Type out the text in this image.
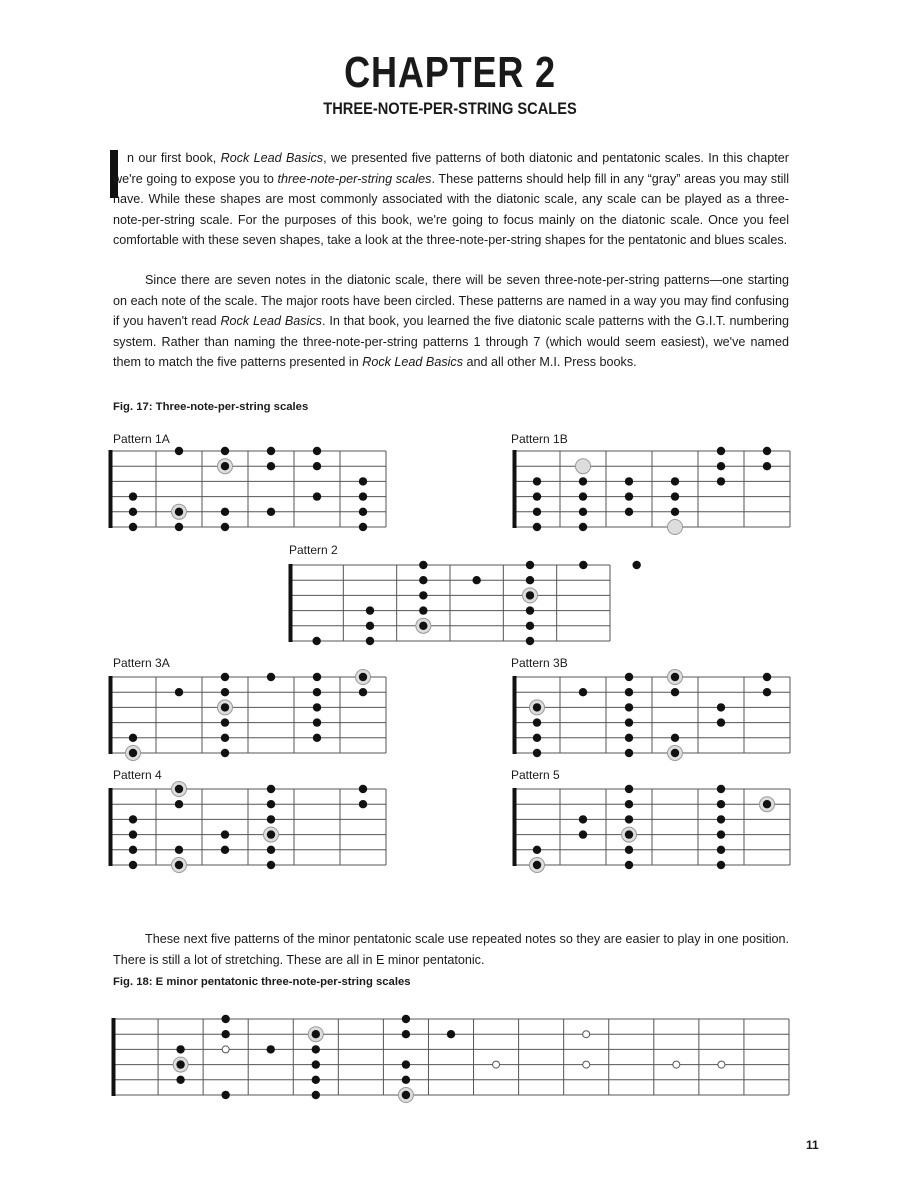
CHAPTER 2
THREE-NOTE-PER-STRING SCALES
n our first book, Rock Lead Basics, we presented five patterns of both diatonic and pentatonic scales. In this chapter we're going to expose you to three-note-per-string scales. These patterns should help fill in any “gray” areas you may still have. While these shapes are most commonly associated with the diatonic scale, any scale can be played as a three-note-per-string scale. For the purposes of this book, we're going to focus mainly on the diatonic scale. Once you feel comfortable with these seven shapes, take a look at the three-note-per-string shapes for the pentatonic and blues scales.
Since there are seven notes in the diatonic scale, there will be seven three-note-per-string patterns—one starting on each note of the scale. The major roots have been circled. These patterns are named in a way you may find confusing if you haven't read Rock Lead Basics. In that book, you learned the five diatonic scale patterns with the G.I.T. numbering system. Rather than naming the three-note-per-string patterns 1 through 7 (which would seem easiest), we've named them to match the five patterns presented in Rock Lead Basics and all other M.I. Press books.
Fig. 17: Three-note-per-string scales
Pattern 1A	Pattern 1B
Pattern 2
Pattern 3A	Pattern 3B
Pattern 4	Pattern 5
These next five patterns of the minor pentatonic scale use repeated notes so they are easier to play in one position. There is still a lot of stretching. These are all in E minor pentatonic.
Fig. 18: E minor pentatonic three-note-per-string scales
11
